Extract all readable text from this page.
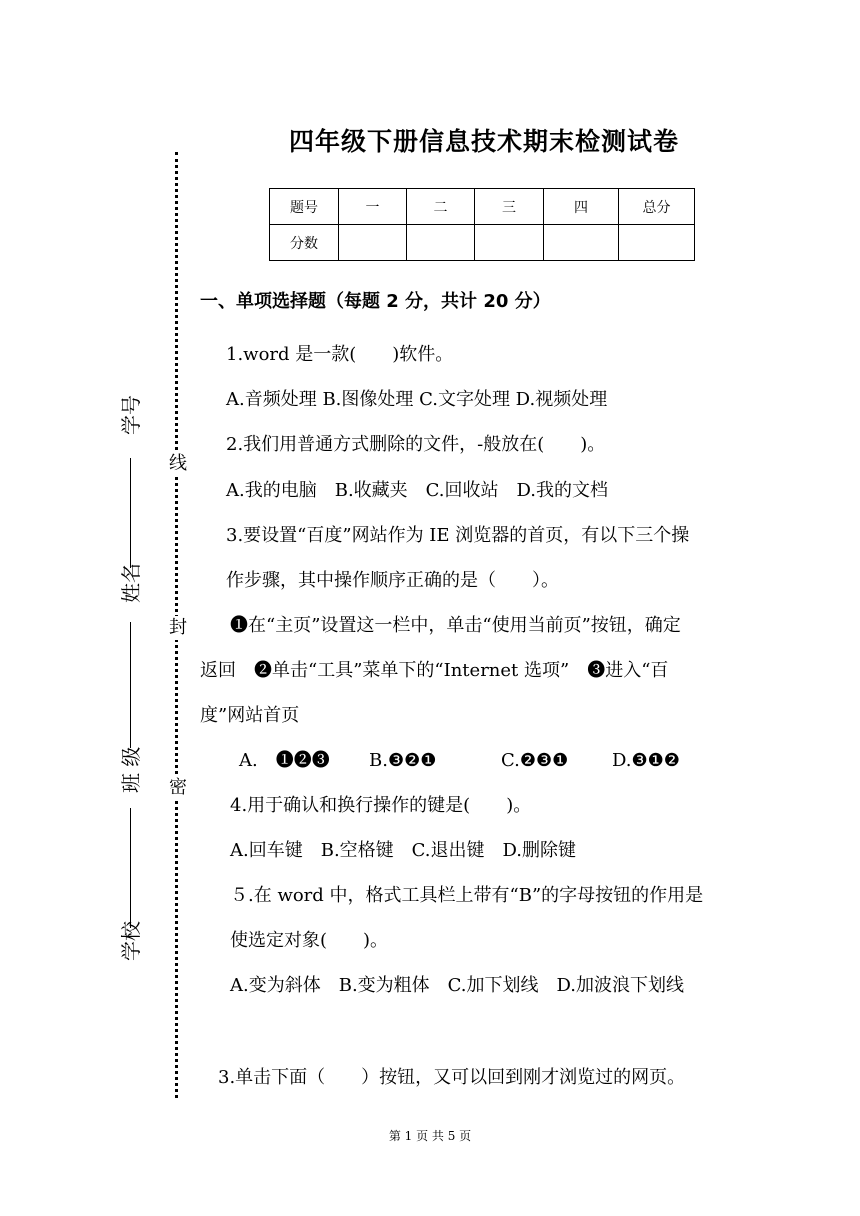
四年级下册信息技术期末检测试卷
题号	一	二	三	四	总分
分数					
线
封
密
学号
姓名
班 级
学校
一、单项选择题（每题 2 分，共计 20 分）
1.word 是一款(　　)软件。
A.音频处理 B.图像处理 C.文字处理 D.视频处理
2.我们用普通方式删除的文件，-般放在(　　)。
A.我的电脑　B.收藏夹　C.回收站　D.我的文档
3.要设置“百度”网站作为 IE 浏览器的首页，有以下三个操
作步骤，其中操作顺序正确的是（　　）。
❶在“主页”设置这一栏中，单击“使用当前页”按钮，确定
返回　❷单击“工具”菜单下的“Internet 选项”　❸进入“百
度”网站首页
A.　❶❷❸ B.❸❷❶	C.❷❸❶ D.❸❶❷
4.用于确认和换行操作的键是(　　)。
A.回车键　B.空格键　C.退出键　D.删除键
５.在 word 中，格式工具栏上带有“B”的字母按钮的作用是
使选定对象(　　)。
A.变为斜体　B.变为粗体　C.加下划线　D.加波浪下划线
3.单击下面（　　）按钮，又可以回到刚才浏览过的网页。
第 1 页 共 5 页
